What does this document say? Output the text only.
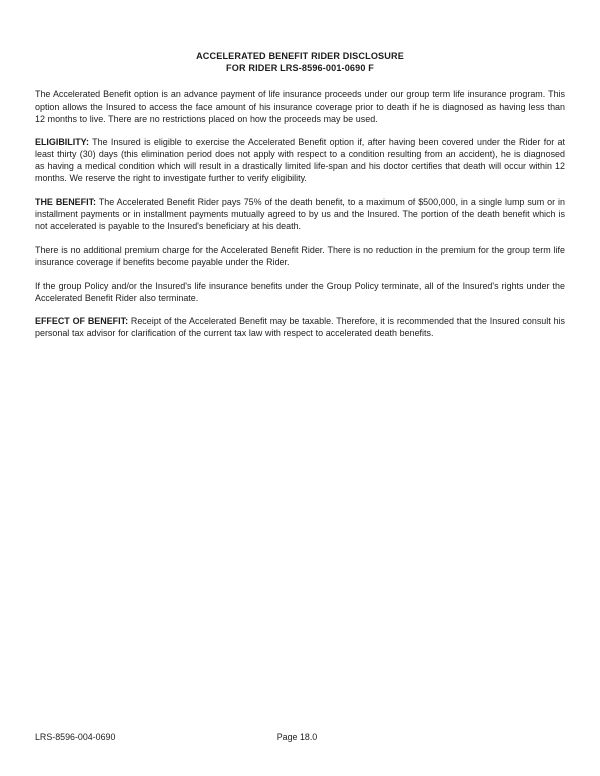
ACCELERATED BENEFIT RIDER DISCLOSURE
FOR RIDER LRS-8596-001-0690 F

The Accelerated Benefit option is an advance payment of life insurance proceeds under our group term life insurance program. This option allows the Insured to access the face amount of his insurance coverage prior to death if he is diagnosed as having less than 12 months to live. There are no restrictions placed on how the proceeds may be used.

ELIGIBILITY: The Insured is eligible to exercise the Accelerated Benefit option if, after having been covered under the Rider for at least thirty (30) days (this elimination period does not apply with respect to a condition resulting from an accident), he is diagnosed as having a medical condition which will result in a drastically limited life-span and his doctor certifies that death will occur within 12 months. We reserve the right to investigate further to verify eligibility.

THE BENEFIT: The Accelerated Benefit Rider pays 75% of the death benefit, to a maximum of $500,000, in a single lump sum or in installment payments or in installment payments mutually agreed to by us and the Insured. The portion of the death benefit which is not accelerated is payable to the Insured's beneficiary at his death.

There is no additional premium charge for the Accelerated Benefit Rider. There is no reduction in the premium for the group term life insurance coverage if benefits become payable under the Rider.

If the group Policy and/or the Insured's life insurance benefits under the Group Policy terminate, all of the Insured's rights under the Accelerated Benefit Rider also terminate.

EFFECT OF BENEFIT: Receipt of the Accelerated Benefit may be taxable. Therefore, it is recommended that the Insured consult his personal tax advisor for clarification of the current tax law with respect to accelerated death benefits.

LRS-8596-004-0690	Page 18.0
